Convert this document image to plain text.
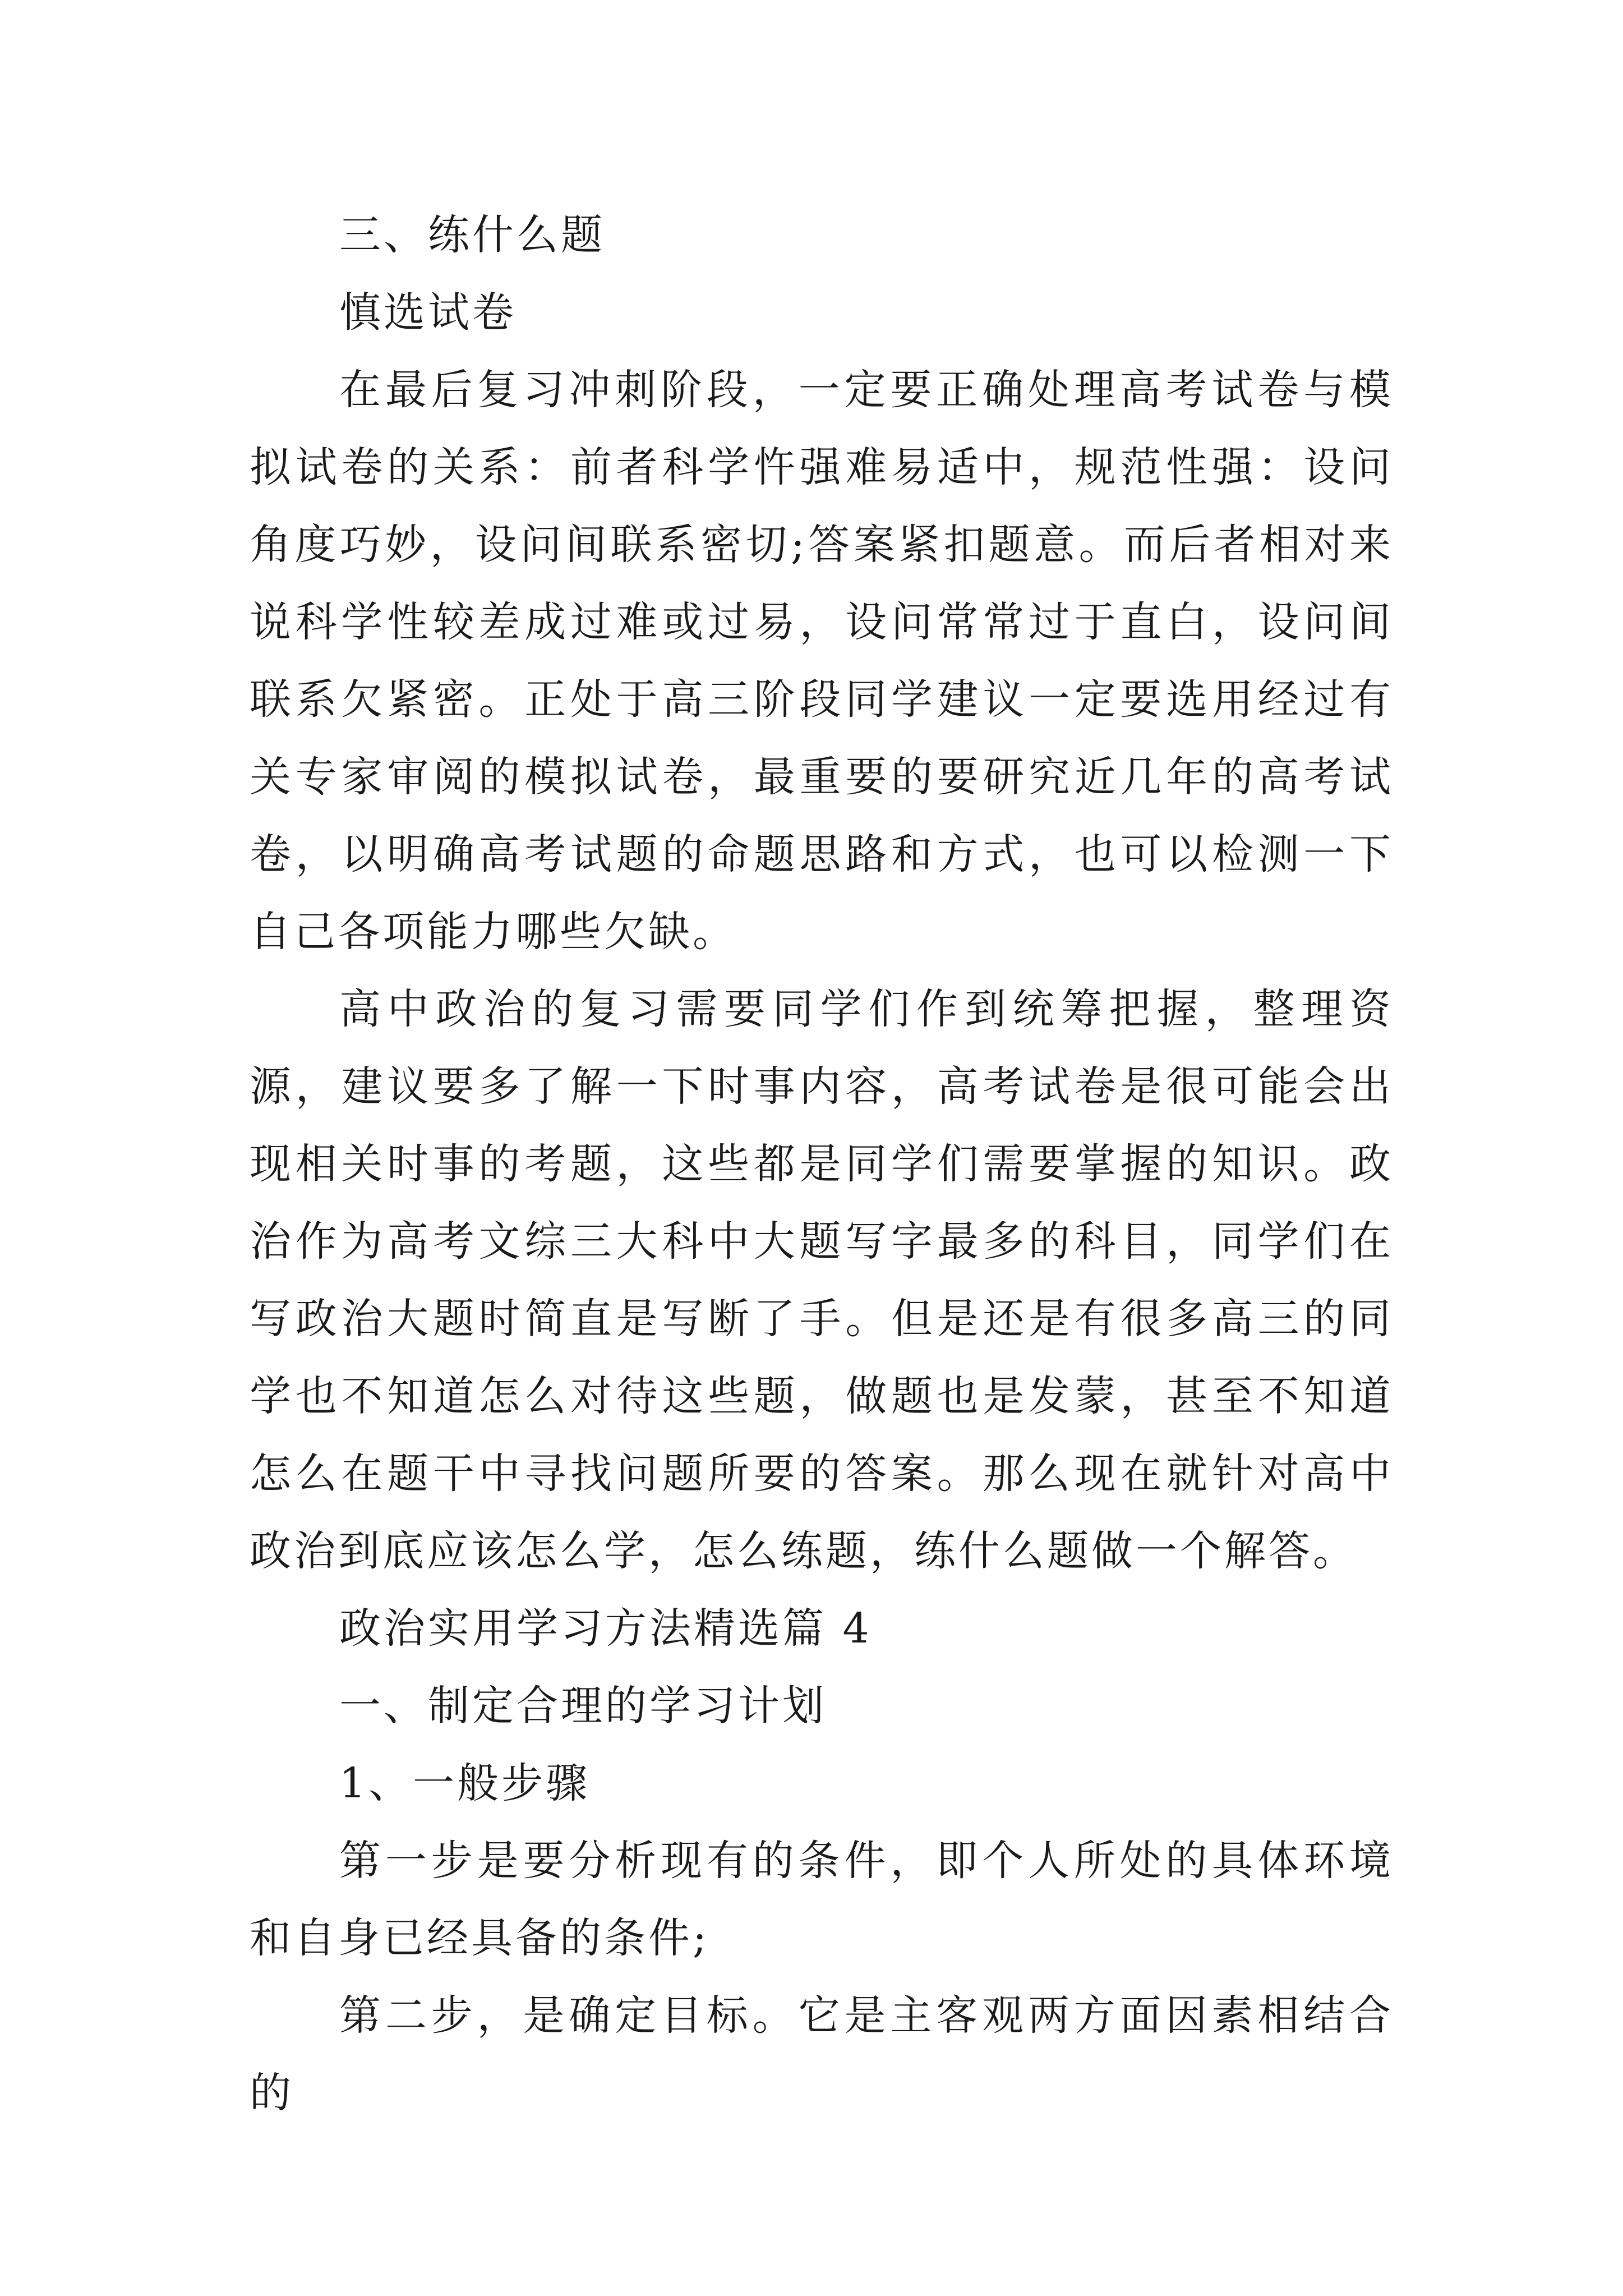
三、练什么题

慎选试卷

在最后复习冲刺阶段，一定要正确处理高考试卷与模拟试卷的关系：前者科学忤强难易适中，规范性强：设问角度巧妙，设问间联系密切;答案紧扣题意。而后者相对来说科学性较差成过难或过易，设问常常过于直白，设问间联系欠紧密。正处于高三阶段同学建议一定要选用经过有关专家审阅的模拟试卷，最重要的要研究近几年的高考试卷，以明确高考试题的命题思路和方式，也可以检测一下自己各项能力哪些欠缺。

高中政治的复习需要同学们作到统筹把握，整理资源，建议要多了解一下时事内容，高考试卷是很可能会出现相关时事的考题，这些都是同学们需要掌握的知识。政治作为高考文综三大科中大题写字最多的科目，同学们在写政治大题时简直是写断了手。但是还是有很多高三的同学也不知道怎么对待这些题，做题也是发蒙，甚至不知道怎么在题干中寻找问题所要的答案。那么现在就针对高中政治到底应该怎么学，怎么练题，练什么题做一个解答。

政治实用学习方法精选篇 4

一、制定合理的学习计划

1、一般步骤

第一步是要分析现有的条件，即个人所处的具体环境和自身已经具备的条件;

第二步，是确定目标。它是主客观两方面因素相结合的
